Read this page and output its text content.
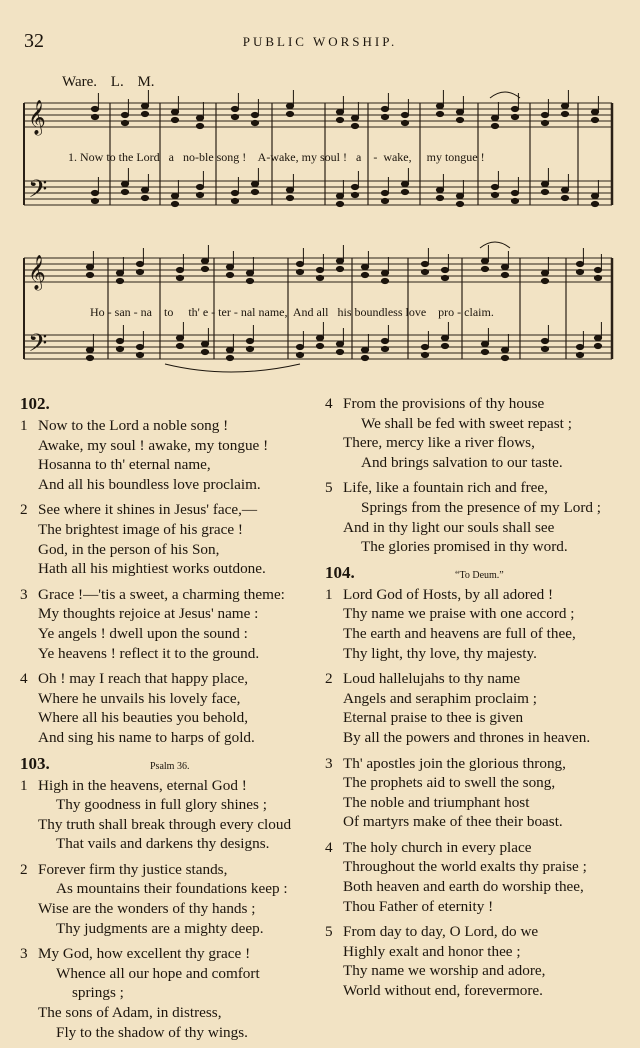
32	PUBLIC WORSHIP.
Ware. L. M.
𝄞
𝄢
𝄞
𝄢
1. Now to the Lord a no-ble song ! A-wake, my soul ! a - wake, my tongue !
Ho - san - na to th' e - ter - nal name, And all his boundless love pro - claim.
102.
1 Now to the Lord a noble song !
Awake, my soul ! awake, my tongue !
Hosanna to th' eternal name,
And all his boundless love proclaim.
2 See where it shines in Jesus' face,—
The brightest image of his grace !
God, in the person of his Son,
Hath all his mightiest works outdone.
3 Grace !—'tis a sweet, a charming theme:
My thoughts rejoice at Jesus' name :
Ye angels ! dwell upon the sound :
Ye heavens ! reflect it to the ground.
4 Oh ! may I reach that happy place,
Where he unvails his lovely face,
Where all his beauties you behold,
And sing his name to harps of gold.
103.	Psalm 36.
1 High in the heavens, eternal God !
Thy goodness in full glory shines ;
Thy truth shall break through every cloud
That vails and darkens thy designs.
2 Forever firm thy justice stands,
As mountains their foundations keep :
Wise are the wonders of thy hands ;
Thy judgments are a mighty deep.
3 My God, how excellent thy grace !
Whence all our hope and comfort
springs ;
The sons of Adam, in distress,
Fly to the shadow of thy wings.
4 From the provisions of thy house
We shall be fed with sweet repast ;
There, mercy like a river flows,
And brings salvation to our taste.
5 Life, like a fountain rich and free,
Springs from the presence of my Lord ;
And in thy light our souls shall see
The glories promised in thy word.
104.	“To Deum.”
1 Lord God of Hosts, by all adored !
Thy name we praise with one accord ;
The earth and heavens are full of thee,
Thy light, thy love, thy majesty.
2 Loud hallelujahs to thy name
Angels and seraphim proclaim ;
Eternal praise to thee is given
By all the powers and thrones in heaven.
3 Th' apostles join the glorious throng,
The prophets aid to swell the song,
The noble and triumphant host
Of martyrs make of thee their boast.
4 The holy church in every place
Throughout the world exalts thy praise ;
Both heaven and earth do worship thee,
Thou Father of eternity !
5 From day to day, O Lord, do we
Highly exalt and honor thee ;
Thy name we worship and adore,
World without end, forevermore.
